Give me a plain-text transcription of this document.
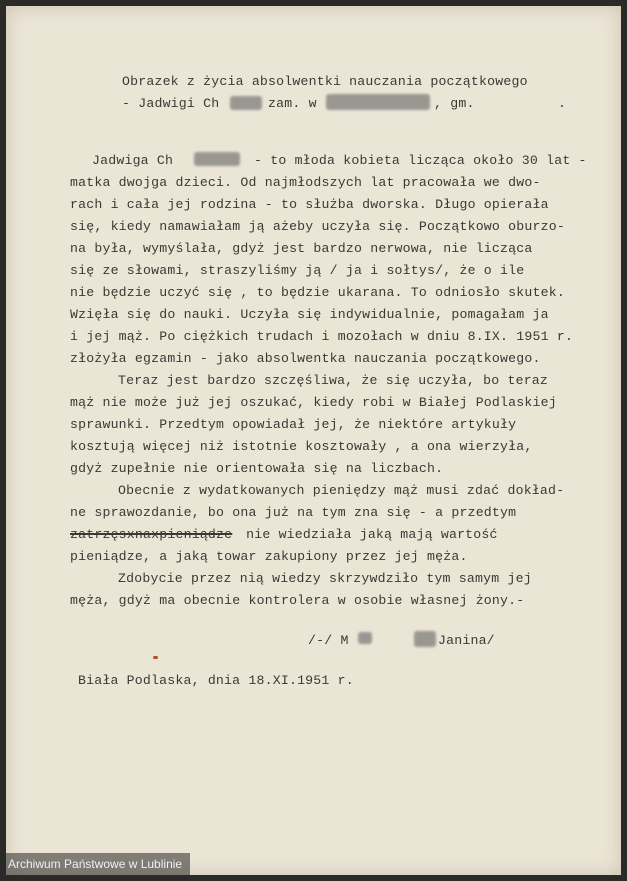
Obrazek z życia absolwentki nauczania początkowego
- Jadwigi Ch	zam. w	, gm.	.
Jadwiga Ch	- to młoda kobieta licząca około 30 lat -
matka dwojga dzieci. Od najmłodszych lat pracowała we dwo-
rach i cała jej rodzina - to służba dworska. Długo opierała
się, kiedy namawiałam ją ażeby uczyła się. Początkowo oburzo-
na była, wymyślała, gdyż jest bardzo nerwowa, nie licząca
się ze słowami, straszyliśmy ją / ja i sołtys/, że o ile
nie będzie uczyć się , to będzie ukarana. To odniosło skutek.
Wzięła się do nauki. Uczyła się indywidualnie, pomagałam ja
i jej mąż. Po ciężkich trudach i mozołach w dniu 8.IX. 1951 r.
złożyła egzamin - jako absolwentka nauczania początkowego.
Teraz jest bardzo szczęśliwa, że się uczyła, bo teraz
mąż nie może już jej oszukać, kiedy robi w Białej Podlaskiej
sprawunki. Przedtym opowiadał jej, że niektóre artykuły
kosztują więcej niż istotnie kosztowały , a ona wierzyła,
gdyż zupełnie nie orientowała się na liczbach.
Obecnie z wydatkowanych pieniędzy mąż musi zdać dokład-
ne sprawozdanie, bo ona już na tym zna się - a przedtym
zatrzęsxnaxpieniądze nie wiedziała jaką mają wartość
pieniądze, a jaką towar zakupiony przez jej męża.
Zdobycie przez nią wiedzy skrzywdziło tym samym jej
męża, gdyż ma obecnie kontrolera w osobie własnej żony.-
/-/ M	Janina/
Biała Podlaska, dnia 18.XI.1951 r.
Archiwum Państwowe w Lublinie
